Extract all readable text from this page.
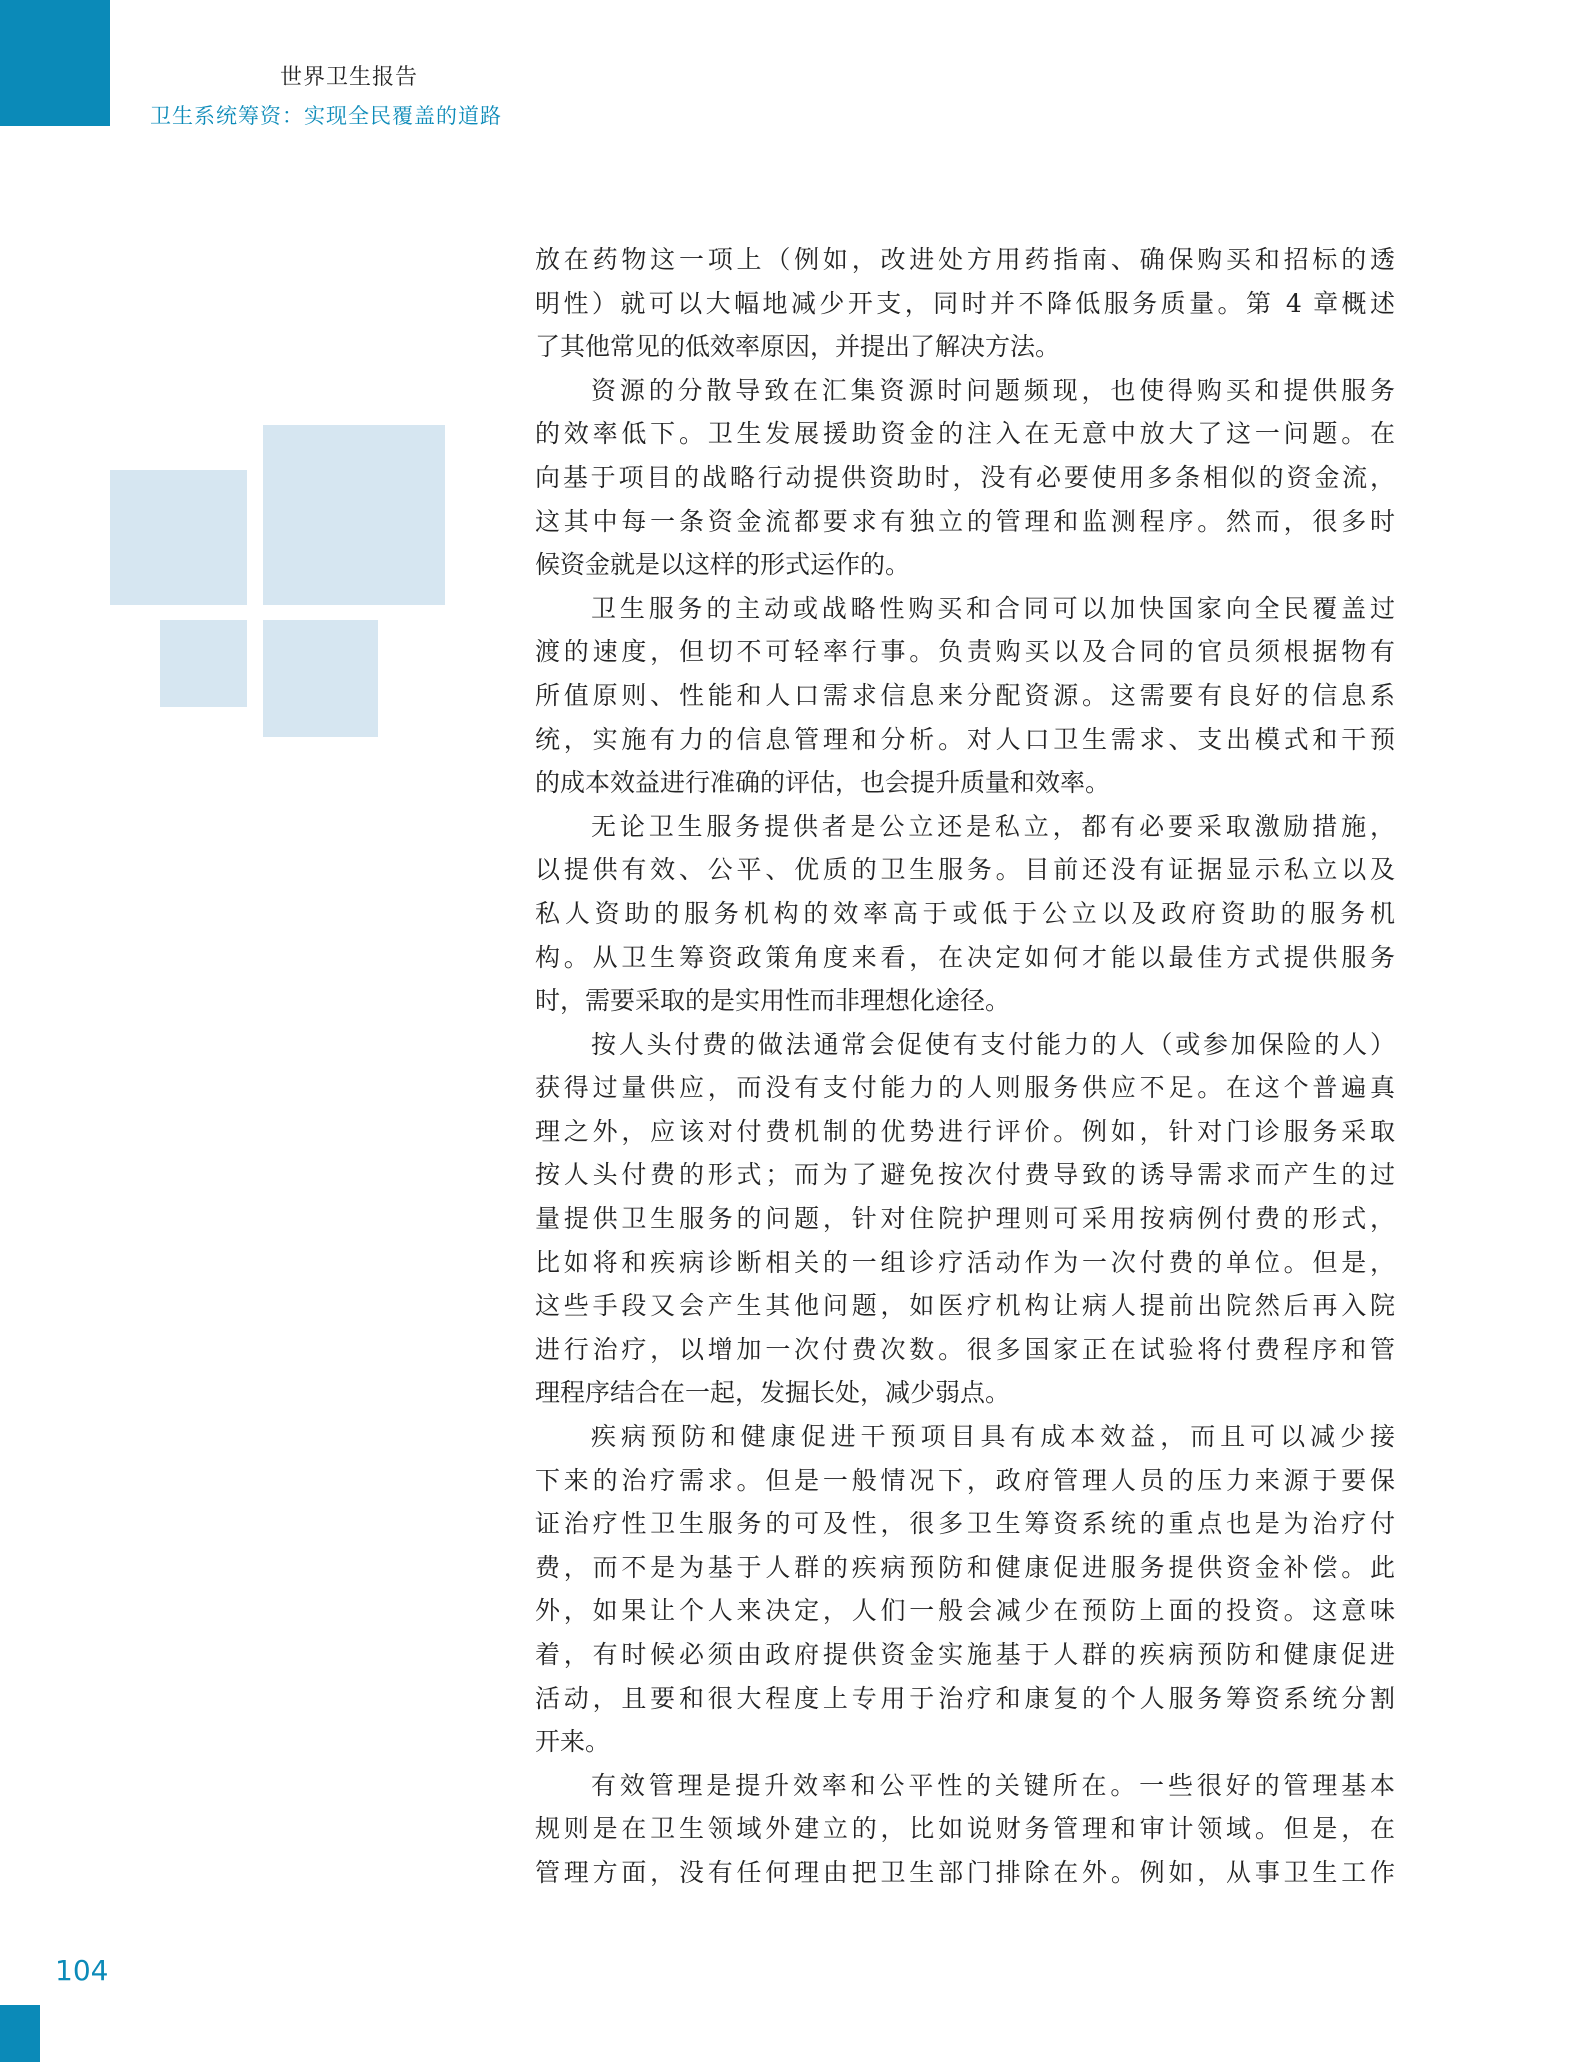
世界卫生报告
卫生系统筹资：实现全民覆盖的道路
放在药物这一项上（例如，改进处方用药指南、确保购买和招标的透
明性）就可以大幅地减少开支，同时并不降低服务质量。第 4 章概述
了其他常见的低效率原因，并提出了解决方法。
资源的分散导致在汇集资源时问题频现，也使得购买和提供服务
的效率低下。卫生发展援助资金的注入在无意中放大了这一问题。在
向基于项目的战略行动提供资助时，没有必要使用多条相似的资金流，
这其中每一条资金流都要求有独立的管理和监测程序。然而，很多时
候资金就是以这样的形式运作的。
卫生服务的主动或战略性购买和合同可以加快国家向全民覆盖过
渡的速度，但切不可轻率行事。负责购买以及合同的官员须根据物有
所值原则、性能和人口需求信息来分配资源。这需要有良好的信息系
统，实施有力的信息管理和分析。对人口卫生需求、支出模式和干预
的成本效益进行准确的评估，也会提升质量和效率。
无论卫生服务提供者是公立还是私立，都有必要采取激励措施，
以提供有效、公平、优质的卫生服务。目前还没有证据显示私立以及
私人资助的服务机构的效率高于或低于公立以及政府资助的服务机
构。从卫生筹资政策角度来看，在决定如何才能以最佳方式提供服务
时，需要采取的是实用性而非理想化途径。
按人头付费的做法通常会促使有支付能力的人（或参加保险的人）
获得过量供应，而没有支付能力的人则服务供应不足。在这个普遍真
理之外，应该对付费机制的优势进行评价。例如，针对门诊服务采取
按人头付费的形式；而为了避免按次付费导致的诱导需求而产生的过
量提供卫生服务的问题，针对住院护理则可采用按病例付费的形式，
比如将和疾病诊断相关的一组诊疗活动作为一次付费的单位。但是，
这些手段又会产生其他问题，如医疗机构让病人提前出院然后再入院
进行治疗，以增加一次付费次数。很多国家正在试验将付费程序和管
理程序结合在一起，发掘长处，减少弱点。
疾病预防和健康促进干预项目具有成本效益，而且可以减少接
下来的治疗需求。但是一般情况下，政府管理人员的压力来源于要保
证治疗性卫生服务的可及性，很多卫生筹资系统的重点也是为治疗付
费，而不是为基于人群的疾病预防和健康促进服务提供资金补偿。此
外，如果让个人来决定，人们一般会减少在预防上面的投资。这意味
着，有时候必须由政府提供资金实施基于人群的疾病预防和健康促进
活动，且要和很大程度上专用于治疗和康复的个人服务筹资系统分割
开来。
有效管理是提升效率和公平性的关键所在。一些很好的管理基本
规则是在卫生领域外建立的，比如说财务管理和审计领域。但是，在
管理方面，没有任何理由把卫生部门排除在外。例如，从事卫生工作
104
